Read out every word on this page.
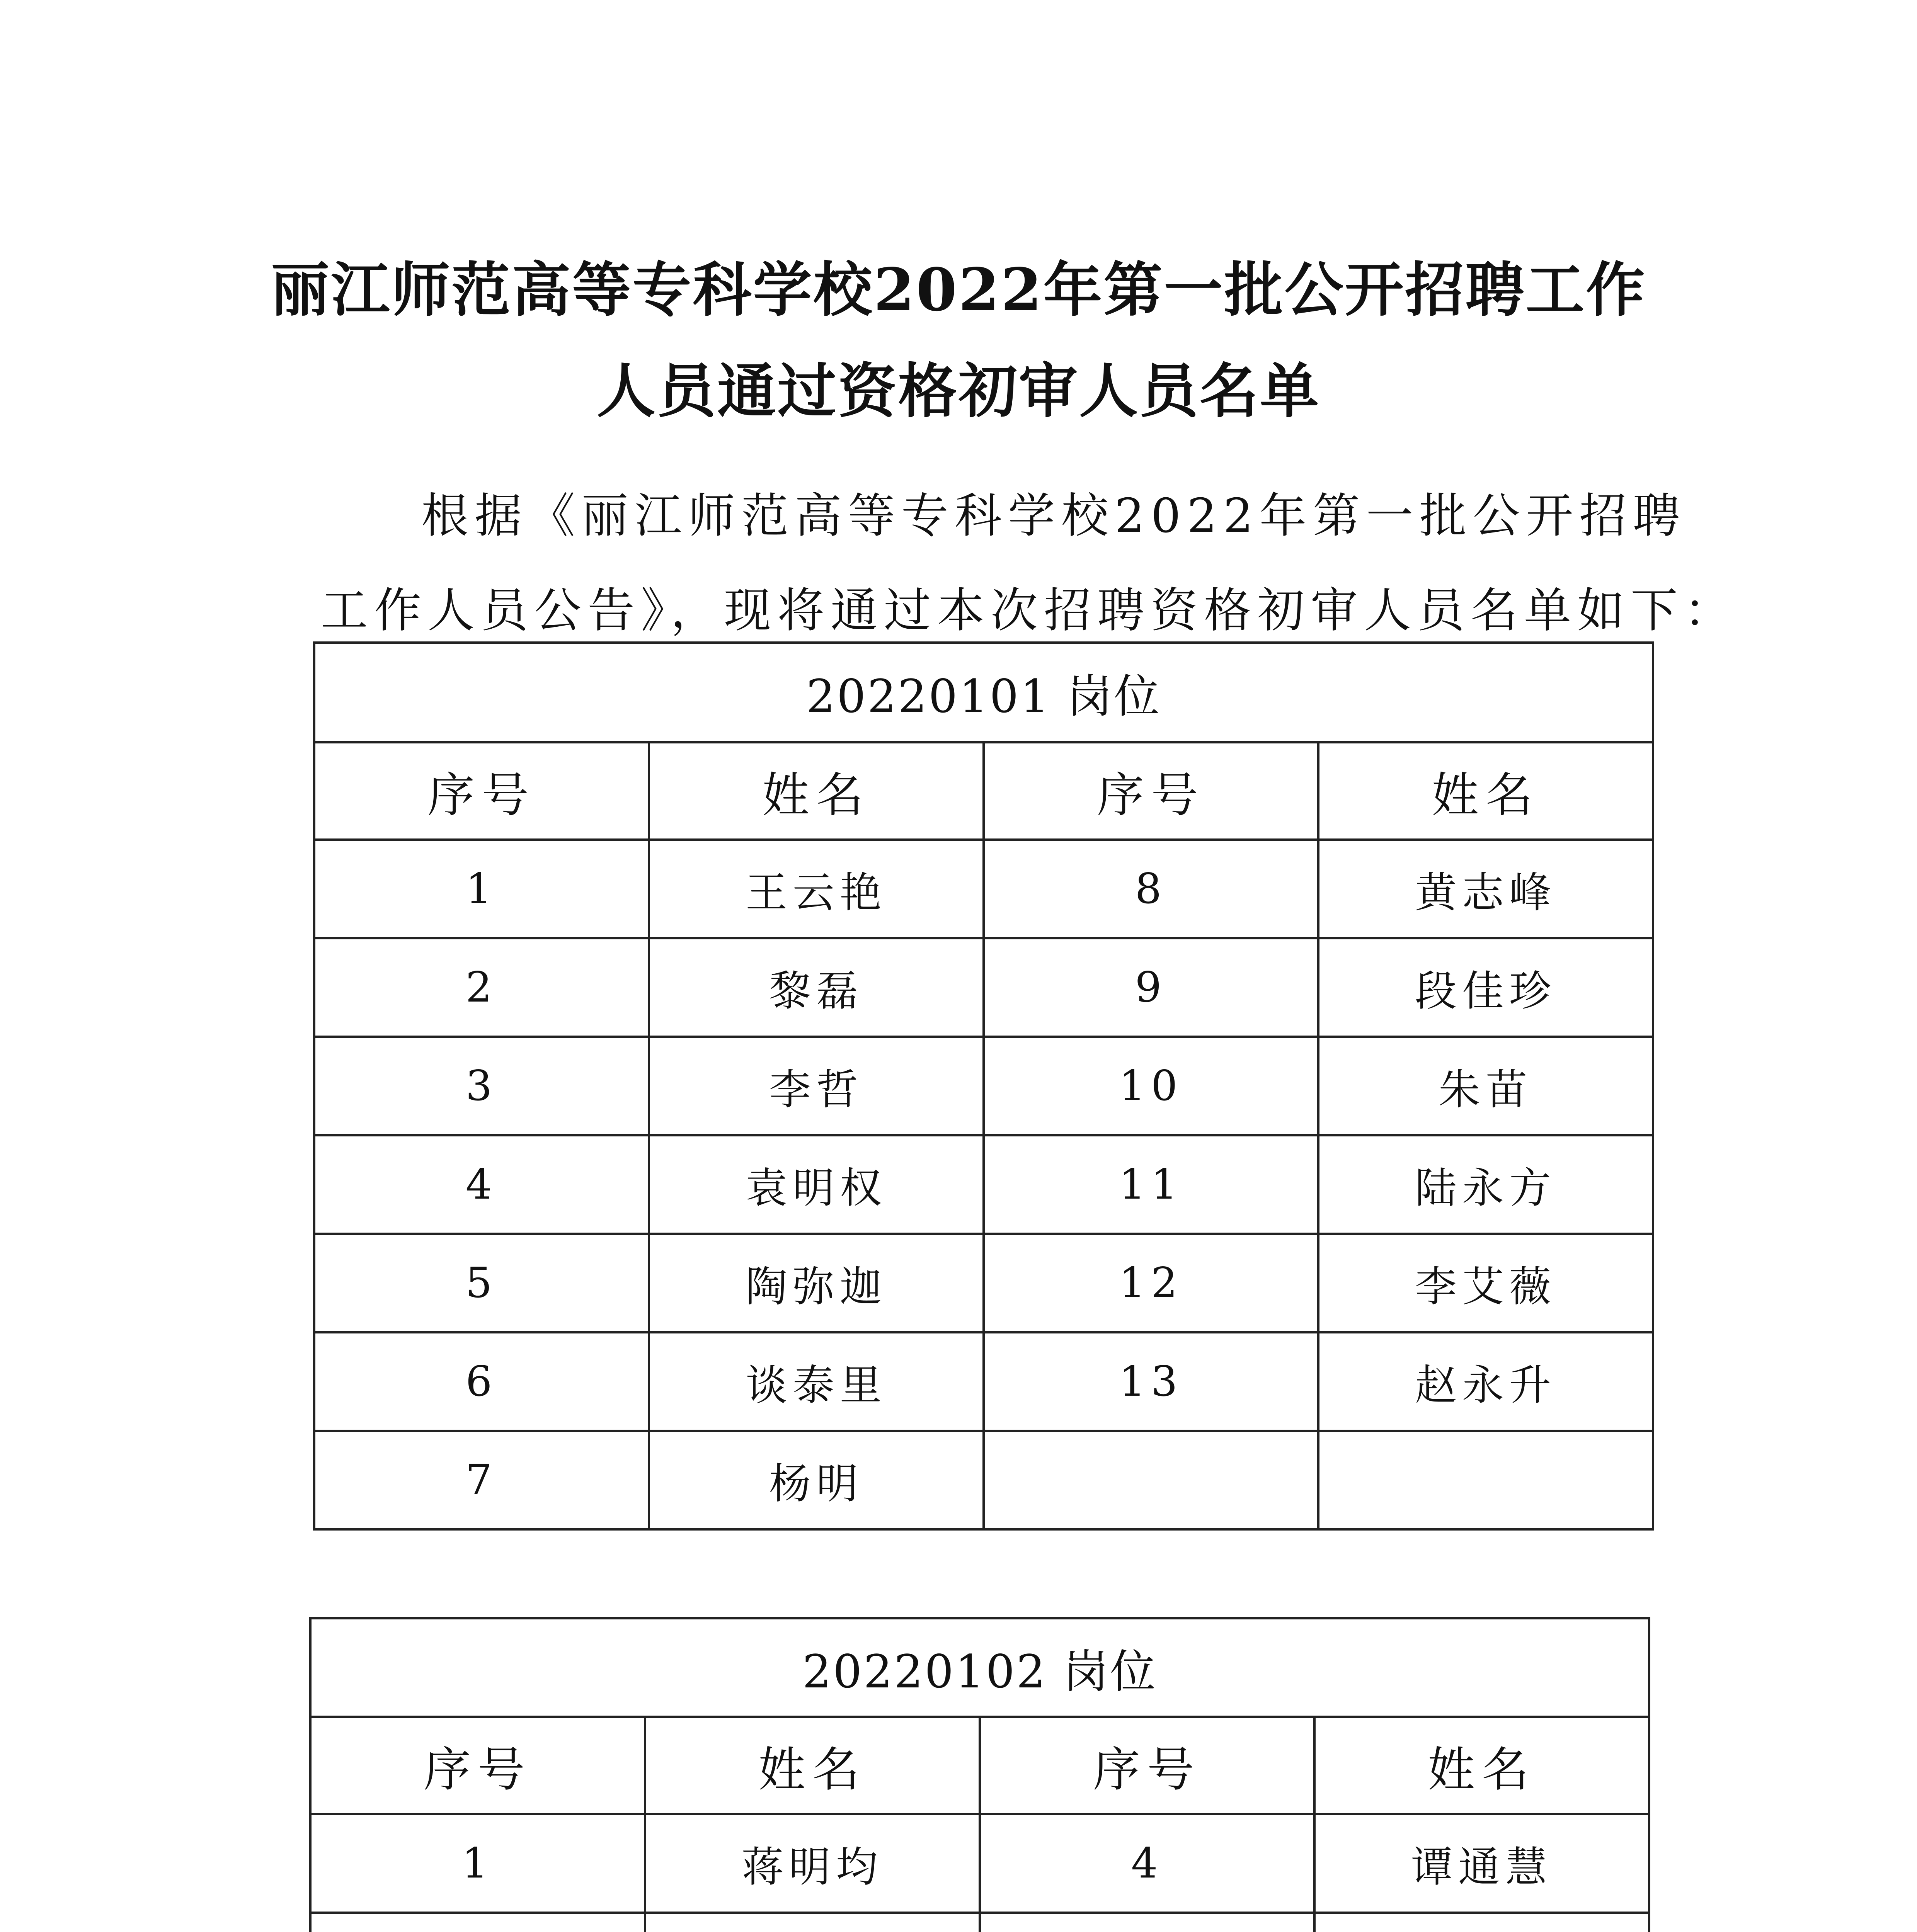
丽江师范高等专科学校2022年第一批公开招聘工作
人员通过资格初审人员名单
根据《丽江师范高等专科学校2022年第一批公开招聘
工作人员公告》，现将通过本次招聘资格初审人员名单如下：
20220101 岗位			
序号	姓名	序号	姓名
1	王云艳	8	黄志峰
2	黎磊	9	段佳珍
3	李哲	10	朱苗
4	袁明权	11	陆永方
5	陶弥迦	12	李艾薇
6	谈泰里	13	赵永升
7	杨明		
20220102 岗位			
序号	姓名	序号	姓名
1	蒋明均	4	谭通慧
